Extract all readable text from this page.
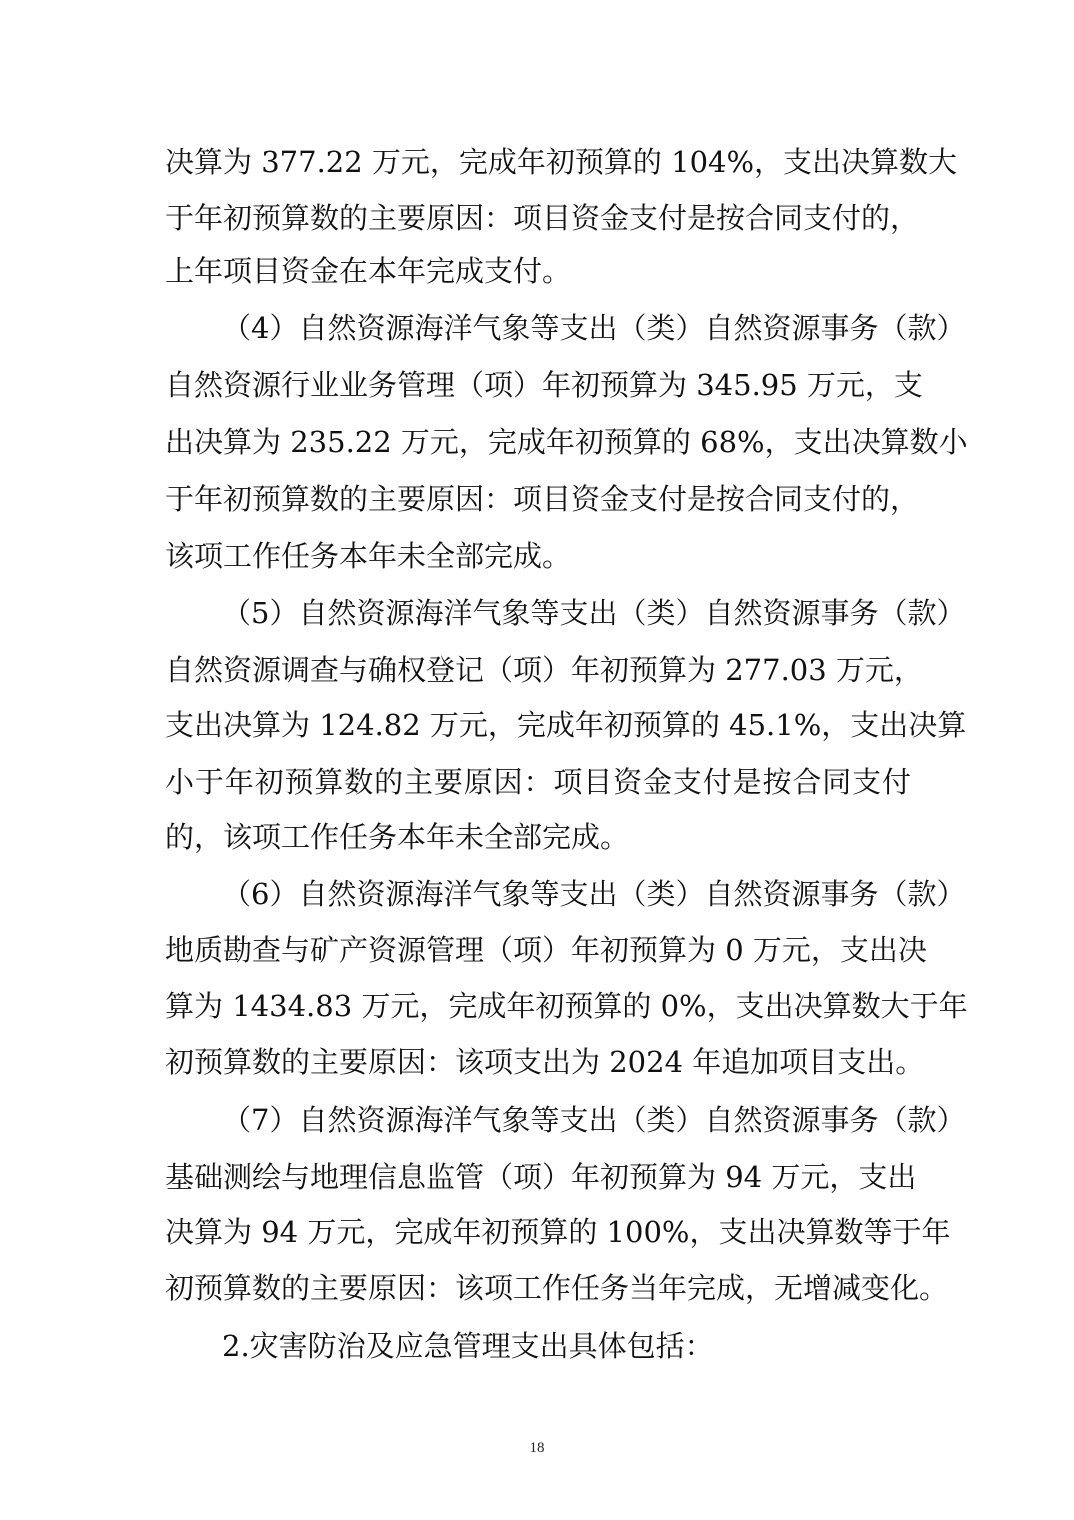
决算为 377.22 万元，完成年初预算的 104%，支出决算数大
于年初预算数的主要原因：项目资金支付是按合同支付的，
上年项目资金在本年完成支付。
（4）自然资源海洋气象等支出（类）自然资源事务（款）
自然资源行业业务管理（项）年初预算为 345.95 万元，支
出决算为 235.22 万元，完成年初预算的 68%，支出决算数小
于年初预算数的主要原因：项目资金支付是按合同支付的，
该项工作任务本年未全部完成。
（5）自然资源海洋气象等支出（类）自然资源事务（款）
自然资源调查与确权登记（项）年初预算为 277.03 万元，
支出决算为 124.82 万元，完成年初预算的 45.1%，支出决算
小于年初预算数的主要原因：项目资金支付是按合同支付
的，该项工作任务本年未全部完成。
（6）自然资源海洋气象等支出（类）自然资源事务（款）
地质勘查与矿产资源管理（项）年初预算为 0 万元，支出决
算为 1434.83 万元，完成年初预算的 0%，支出决算数大于年
初预算数的主要原因：该项支出为 2024 年追加项目支出。
（7）自然资源海洋气象等支出（类）自然资源事务（款）
基础测绘与地理信息监管（项）年初预算为 94 万元，支出
决算为 94 万元，完成年初预算的 100%，支出决算数等于年
初预算数的主要原因：该项工作任务当年完成，无增减变化。
2.灾害防治及应急管理支出具体包括：
18
